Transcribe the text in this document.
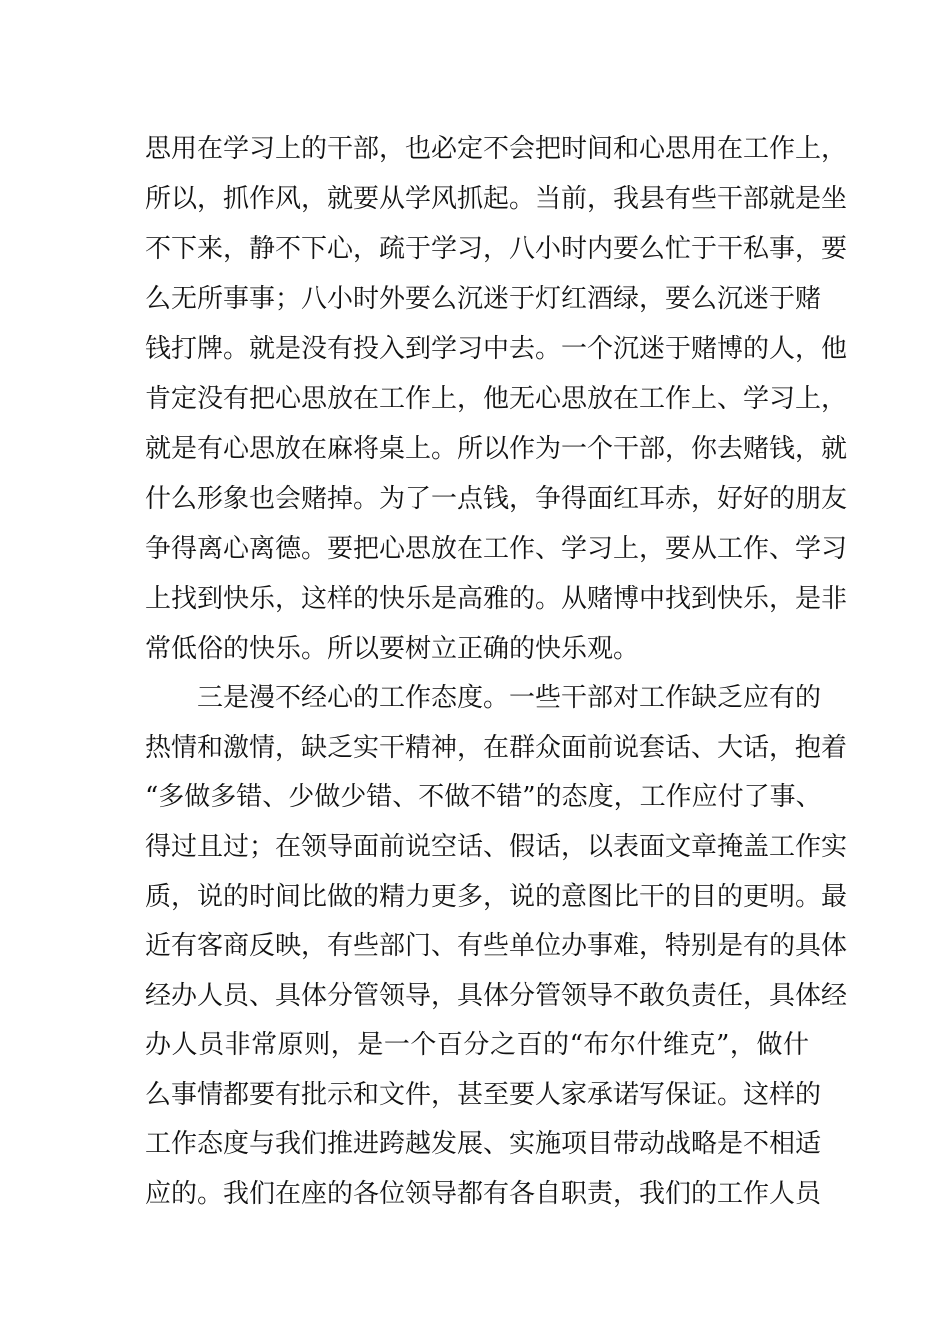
思用在学习上的干部，也必定不会把时间和心思用在工作上，
所以，抓作风，就要从学风抓起。当前，我县有些干部就是坐
不下来，静不下心，疏于学习，八小时内要么忙于干私事，要
么无所事事；八小时外要么沉迷于灯红酒绿，要么沉迷于赌
钱打牌。就是没有投入到学习中去。一个沉迷于赌博的人，他
肯定没有把心思放在工作上，他无心思放在工作上、学习上，
就是有心思放在麻将桌上。所以作为一个干部，你去赌钱，就
什么形象也会赌掉。为了一点钱，争得面红耳赤，好好的朋友
争得离心离德。要把心思放在工作、学习上，要从工作、学习
上找到快乐，这样的快乐是高雅的。从赌博中找到快乐，是非
常低俗的快乐。所以要树立正确的快乐观。
三是漫不经心的工作态度。一些干部对工作缺乏应有的
热情和激情，缺乏实干精神，在群众面前说套话、大话，抱着
“多做多错、少做少错、不做不错”的态度，工作应付了事、
得过且过；在领导面前说空话、假话，以表面文章掩盖工作实
质，说的时间比做的精力更多，说的意图比干的目的更明。最
近有客商反映，有些部门、有些单位办事难，特别是有的具体
经办人员、具体分管领导，具体分管领导不敢负责任，具体经
办人员非常原则，是一个百分之百的“布尔什维克”，做什
么事情都要有批示和文件，甚至要人家承诺写保证。这样的
工作态度与我们推进跨越发展、实施项目带动战略是不相适
应的。我们在座的各位领导都有各自职责，我们的工作人员
